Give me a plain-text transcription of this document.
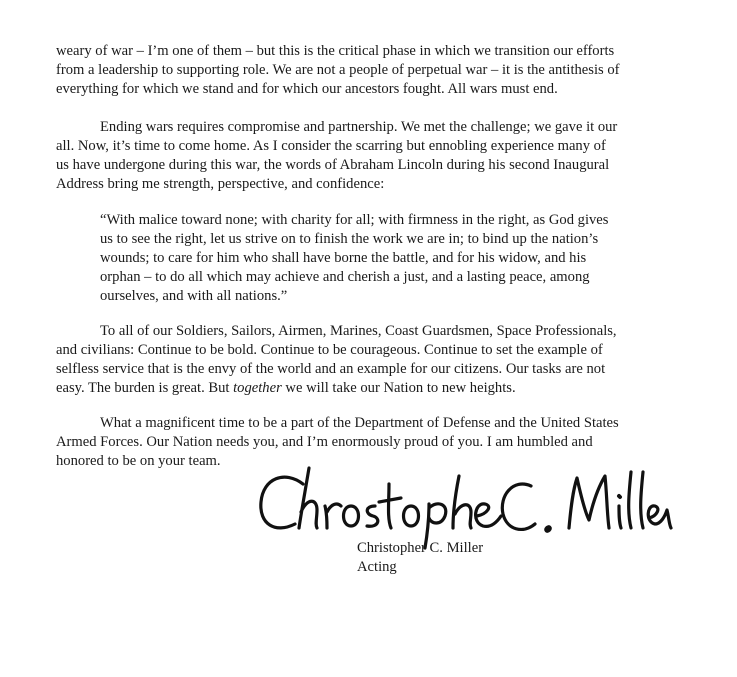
weary of war – I’m one of them – but this is the critical phase in which we transition our efforts
from a leadership to supporting role. We are not a people of perpetual war – it is the antithesis of
everything for which we stand and for which our ancestors fought. All wars must end.

Ending wars requires compromise and partnership. We met the challenge; we gave it our
all. Now, it’s time to come home. As I consider the scarring but ennobling experience many of
us have undergone during this war, the words of Abraham Lincoln during his second Inaugural
Address bring me strength, perspective, and confidence:

“With malice toward none; with charity for all; with firmness in the right, as God gives
us to see the right, let us strive on to finish the work we are in; to bind up the nation’s
wounds; to care for him who shall have borne the battle, and for his widow, and his
orphan – to do all which may achieve and cherish a just, and a lasting peace, among
ourselves, and with all nations.”

To all of our Soldiers, Sailors, Airmen, Marines, Coast Guardsmen, Space Professionals,
and civilians: Continue to be bold. Continue to be courageous. Continue to set the example of
selfless service that is the envy of the world and an example for our citizens. Our tasks are not
easy. The burden is great. But together we will take our Nation to new heights.

What a magnificent time to be a part of the Department of Defense and the United States
Armed Forces. Our Nation needs you, and I’m enormously proud of you. I am humbled and
honored to be on your team.

Christopher C. Miller
Acting
